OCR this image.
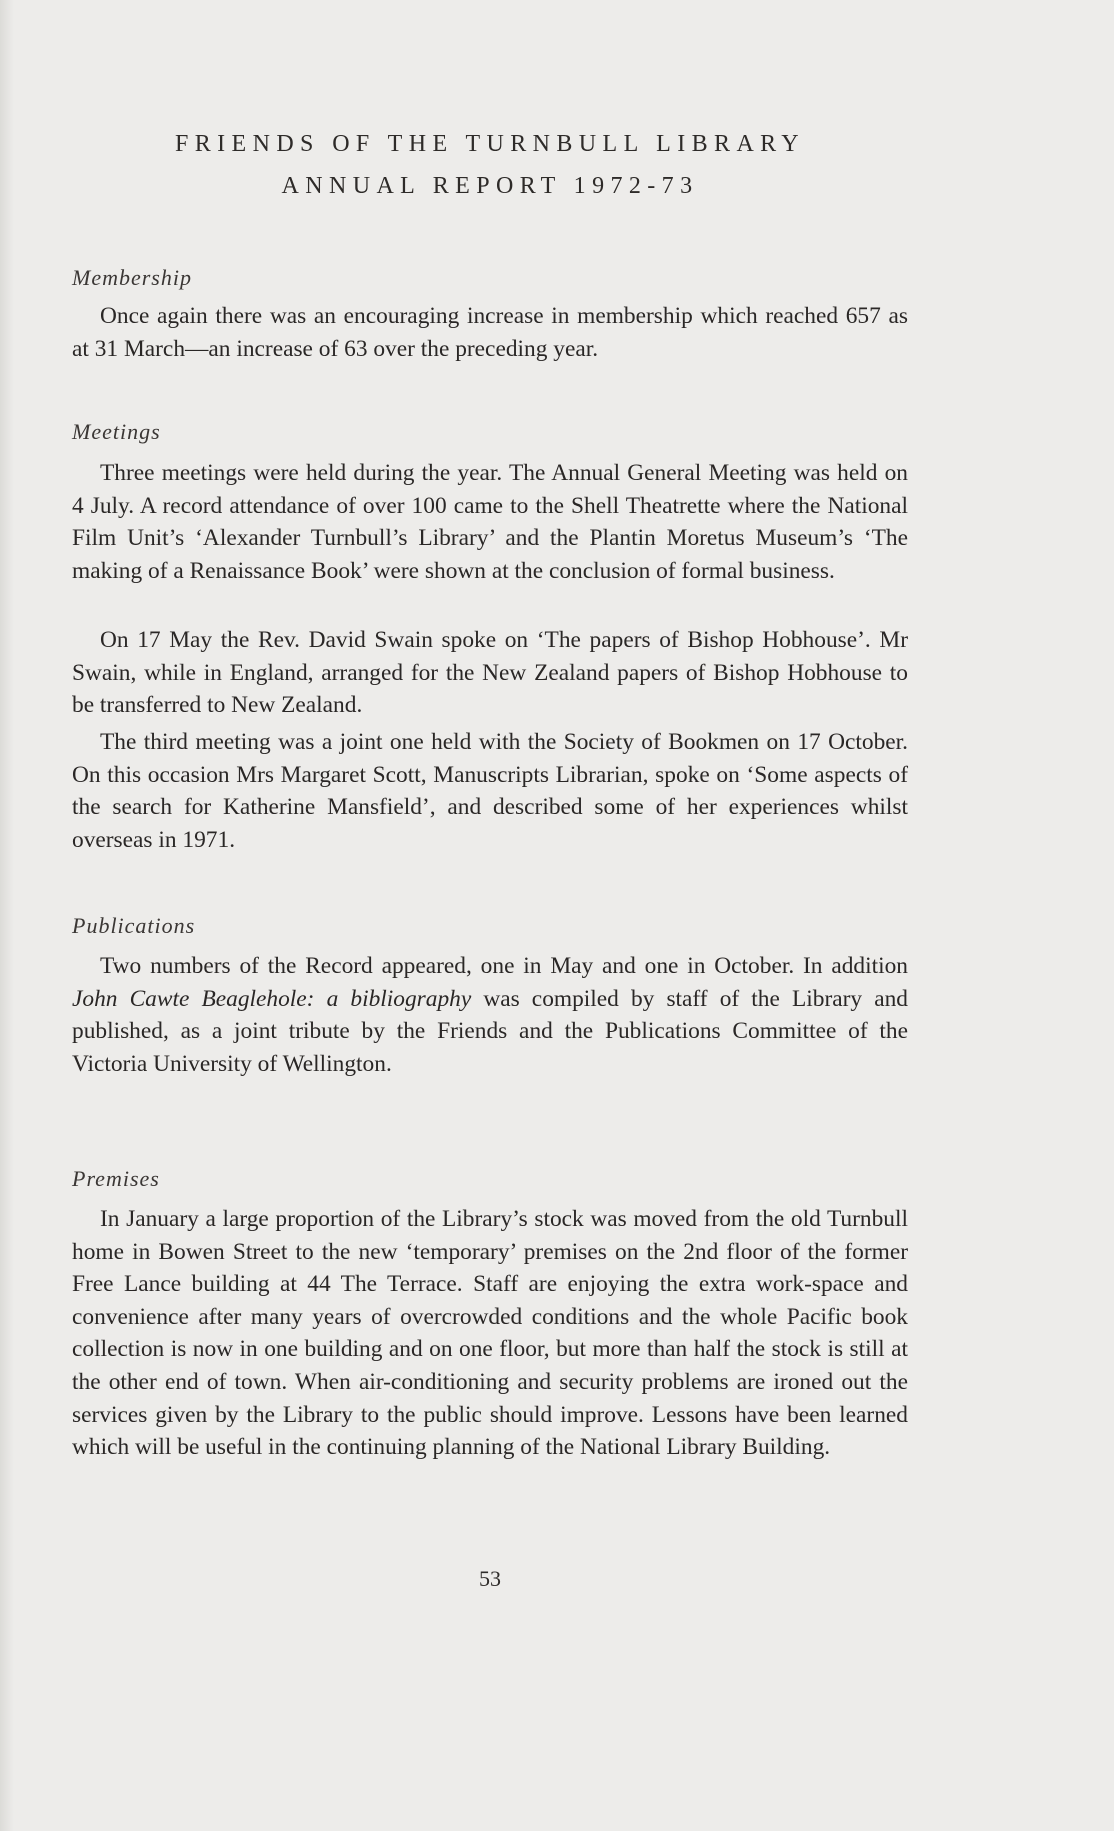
FRIENDS OF THE TURNBULL LIBRARY
ANNUAL REPORT 1972-73
Membership

Once again there was an encouraging increase in membership which reached 657 as at 31 March—an increase of 63 over the preceding year.

Meetings

Three meetings were held during the year. The Annual General Meeting was held on 4 July. A record attendance of over 100 came to the Shell Theatrette where the National Film Unit’s ‘Alexander Turnbull’s Library’ and the Plantin Moretus Museum’s ‘The making of a Renaissance Book’ were shown at the conclusion of formal business.

On 17 May the Rev. David Swain spoke on ‘The papers of Bishop Hobhouse’. Mr Swain, while in England, arranged for the New Zealand papers of Bishop Hobhouse to be transferred to New Zealand.

The third meeting was a joint one held with the Society of Bookmen on 17 October. On this occasion Mrs Margaret Scott, Manuscripts Librarian, spoke on ‘Some aspects of the search for Katherine Mansfield’, and described some of her experiences whilst overseas in 1971.

Publications

Two numbers of the Record appeared, one in May and one in October. In addition John Cawte Beaglehole: a bibliography was compiled by staff of the Library and published, as a joint tribute by the Friends and the Publications Committee of the Victoria University of Wellington.

Premises

In January a large proportion of the Library’s stock was moved from the old Turnbull home in Bowen Street to the new ‘temporary’ premises on the 2nd floor of the former Free Lance building at 44 The Terrace. Staff are enjoying the extra work-space and convenience after many years of overcrowded conditions and the whole Pacific book collection is now in one building and on one floor, but more than half the stock is still at the other end of town. When air-conditioning and security problems are ironed out the services given by the Library to the public should improve. Lessons have been learned which will be useful in the continuing planning of the National Library Building.

53
